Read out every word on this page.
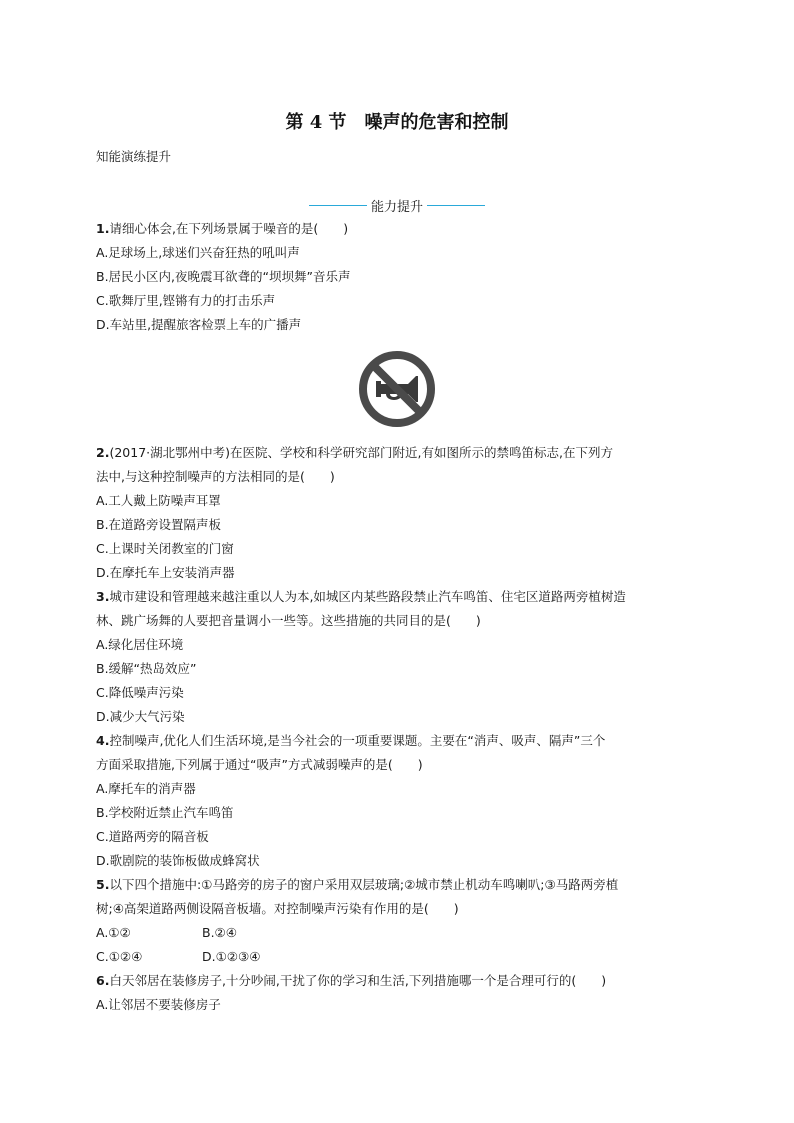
第 4 节　噪声的危害和控制
知能演练提升
能力提升
1.请细心体会,在下列场景属于噪音的是(　　)
A.足球场上,球迷们兴奋狂热的吼叫声
B.居民小区内,夜晚震耳欲聋的“坝坝舞”音乐声
C.歌舞厅里,铿锵有力的打击乐声
D.车站里,提醒旅客检票上车的广播声
2.(2017·湖北鄂州中考)在医院、学校和科学研究部门附近,有如图所示的禁鸣笛标志,在下列方
法中,与这种控制噪声的方法相同的是(　　)
A.工人戴上防噪声耳罩
B.在道路旁设置隔声板
C.上课时关闭教室的门窗
D.在摩托车上安装消声器
3.城市建设和管理越来越注重以人为本,如城区内某些路段禁止汽车鸣笛、住宅区道路两旁植树造
林、跳广场舞的人要把音量调小一些等。这些措施的共同目的是(　　)
A.绿化居住环境
B.缓解“热岛效应”
C.降低噪声污染
D.减少大气污染
4.控制噪声,优化人们生活环境,是当今社会的一项重要课题。主要在“消声、吸声、隔声”三个
方面采取措施,下列属于通过“吸声”方式减弱噪声的是(　　)
A.摩托车的消声器
B.学校附近禁止汽车鸣笛
C.道路两旁的隔音板
D.歌剧院的装饰板做成蜂窝状
5.以下四个措施中:①马路旁的房子的窗户采用双层玻璃;②城市禁止机动车鸣喇叭;③马路两旁植
树;④高架道路两侧设隔音板墙。对控制噪声污染有作用的是(　　)
A.①②	B.②④
C.①②④	D.①②③④
6.白天邻居在装修房子,十分吵闹,干扰了你的学习和生活,下列措施哪一个是合理可行的(　　)
A.让邻居不要装修房子
